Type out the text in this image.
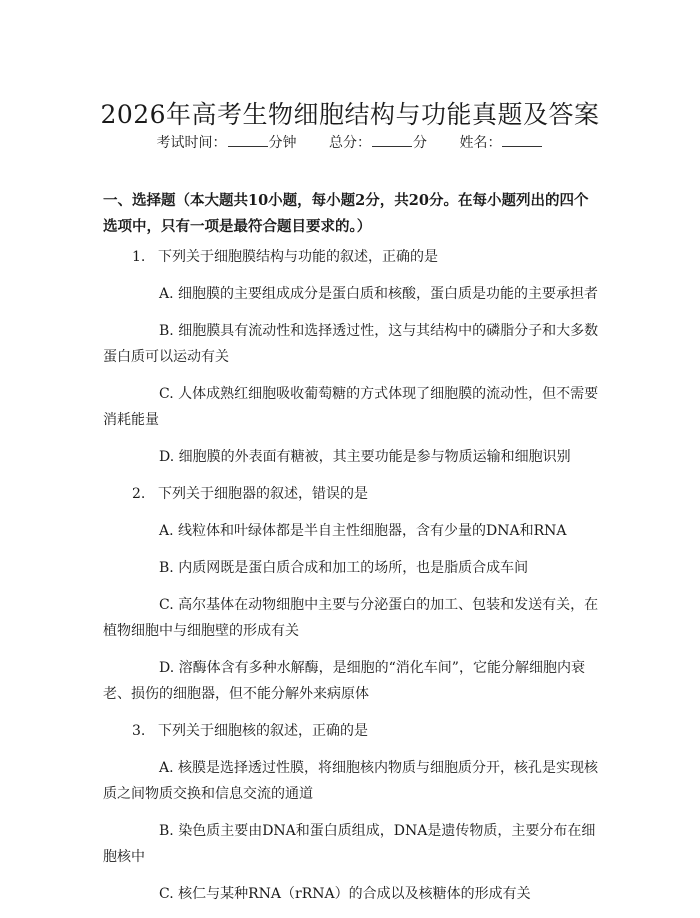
2026年高考生物细胞结构与功能真题及答案
考试时间：	分钟 总分：	分 姓名：
一、选择题（本大题共10小题，每小题2分，共20分。在每小题列出的四个选项中，只有一项是最符合题目要求的。）
1. 下列关于细胞膜结构与功能的叙述，正确的是
A. 细胞膜的主要组成成分是蛋白质和核酸，蛋白质是功能的主要承担者
B. 细胞膜具有流动性和选择透过性，这与其结构中的磷脂分子和大多数蛋白质可以运动有关
C. 人体成熟红细胞吸收葡萄糖的方式体现了细胞膜的流动性，但不需要消耗能量
D. 细胞膜的外表面有糖被，其主要功能是参与物质运输和细胞识别
2. 下列关于细胞器的叙述，错误的是
A. 线粒体和叶绿体都是半自主性细胞器，含有少量的DNA和RNA
B. 内质网既是蛋白质合成和加工的场所，也是脂质合成车间
C. 高尔基体在动物细胞中主要与分泌蛋白的加工、包装和发送有关，在植物细胞中与细胞壁的形成有关
D. 溶酶体含有多种水解酶，是细胞的“消化车间”，它能分解细胞内衰老、损伤的细胞器，但不能分解外来病原体
3. 下列关于细胞核的叙述，正确的是
A. 核膜是选择透过性膜，将细胞核内物质与细胞质分开，核孔是实现核质之间物质交换和信息交流的通道
B. 染色质主要由DNA和蛋白质组成，DNA是遗传物质，主要分布在细胞核中
C. 核仁与某种RNA（rRNA）的合成以及核糖体的形成有关
